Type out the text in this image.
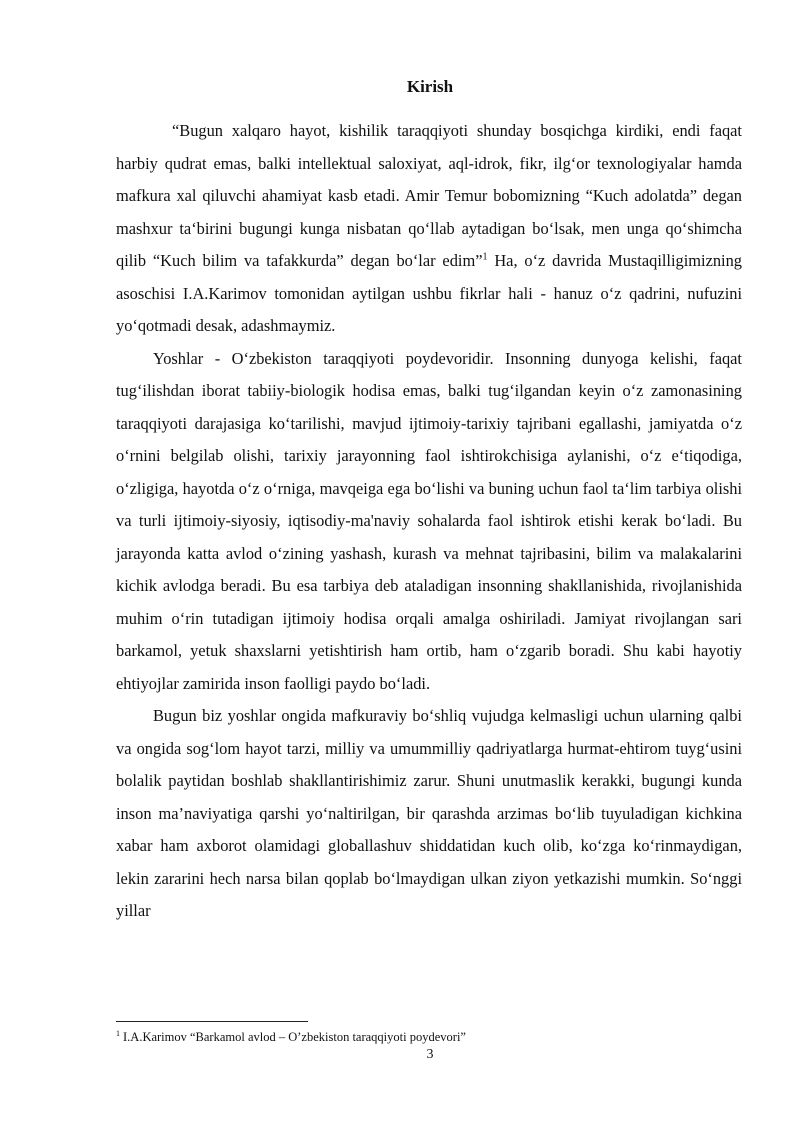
Kirish

“Bugun xalqaro hayot, kishilik taraqqiyoti shunday bosqichga kirdiki, endi faqat harbiy qudrat emas, balki intellektual saloxiyat, aql-idrok, fikr, ilg‘or texnologiyalar hamda mafkura xal qiluvchi ahamiyat kasb etadi. Amir Temur bobomizning “Kuch adolatda” degan mashxur ta‘birini bugungi kunga nisbatan qo‘llab aytadigan bo‘lsak, men unga qo‘shimcha qilib “Kuch bilim va tafakkurda” degan bo‘lar edim”$^1$ Ha, o‘z davrida Mustaqilligimizning asoschisi I.A.Karimov tomonidan aytilgan ushbu fikrlar hali - hanuz o‘z qadrini, nufuzini yo‘qotmadi desak, adashmaymiz.

Yoshlar - O‘zbekiston taraqqiyoti poydevoridir. Insonning dunyoga kelishi, faqat tug‘ilishdan iborat tabiiy-biologik hodisa emas, balki tug‘ilgandan keyin o‘z zamonasining taraqqiyoti darajasiga ko‘tarilishi, mavjud ijtimoiy-tarixiy tajribani egallashi, jamiyatda o‘z o‘rnini belgilab olishi, tarixiy jarayonning faol ishtirokchisiga aylanishi, o‘z e‘tiqodiga, o‘zligiga, hayotda o‘z o‘rniga, mavqeiga ega bo‘lishi va buning uchun faol ta‘lim tarbiya olishi va turli ijtimoiy-siyosiy, iqtisodiy-ma'naviy sohalarda faol ishtirok etishi kerak bo‘ladi. Bu jarayonda katta avlod o‘zining yashash, kurash va mehnat tajribasini, bilim va malakalarini kichik avlodga beradi. Bu esa tarbiya deb ataladigan insonning shakllanishida, rivojlanishida muhim o‘rin tutadigan ijtimoiy hodisa orqali amalga oshiriladi. Jamiyat rivojlangan sari barkamol, yetuk shaxslarni yetishtirish ham ortib, ham o‘zgarib boradi. Shu kabi hayotiy ehtiyojlar zamirida inson faolligi paydo bo‘ladi.

Bugun biz yoshlar ongida mafkuraviy bo‘shliq vujudga kelmasligi uchun ularning qalbi va ongida sog‘lom hayot tarzi, milliy va umummilliy qadriyatlarga hurmat-ehtirom tuyg‘usini bolalik paytidan boshlab shakllantirishimiz zarur. Shuni unutmaslik kerakki, bugungi kunda inson ma’naviyatiga qarshi yo‘naltirilgan, bir qarashda arzimas bo‘lib tuyuladigan kichkina xabar ham axborot olamidagi globallashuv shiddatidan kuch olib, ko‘zga ko‘rinmaydigan, lekin zararini hech narsa bilan qoplab bo‘lmaydigan ulkan ziyon yetkazishi mumkin. So‘nggi yillar

$^1$ I.A.Karimov “Barkamol avlod – O’zbekiston taraqqiyoti poydevori”
3
